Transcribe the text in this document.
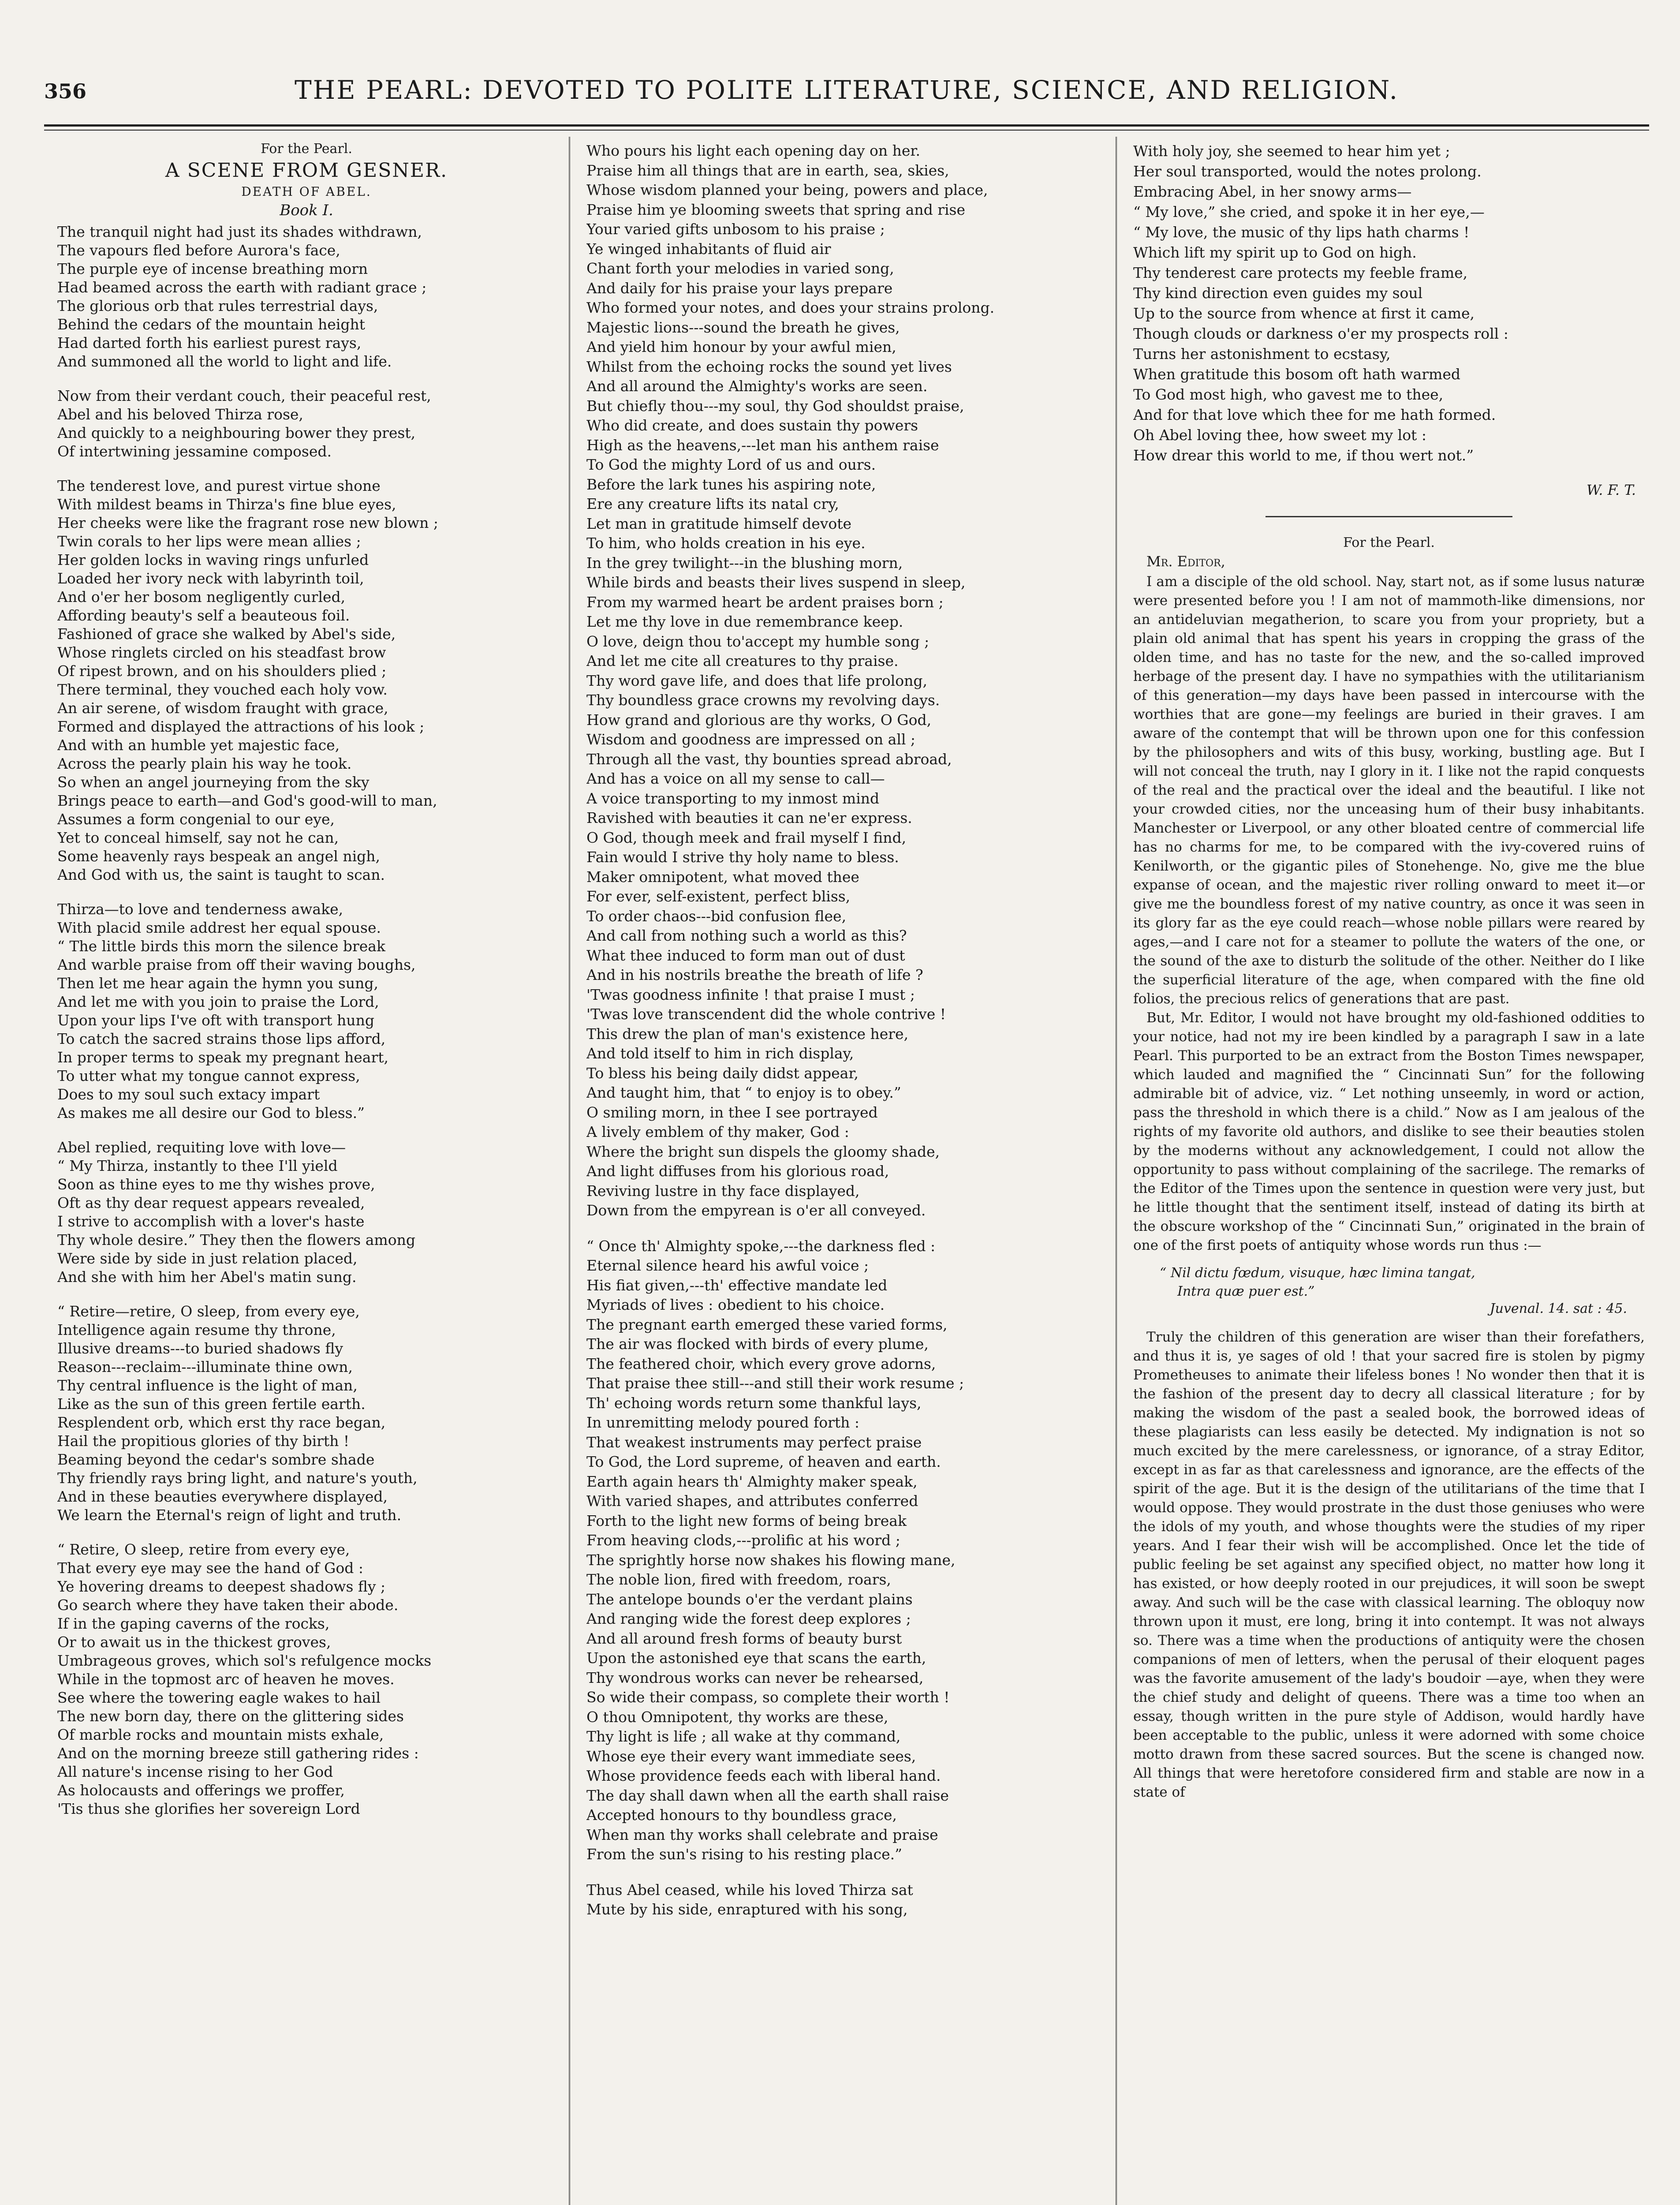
356	THE PEARL: DEVOTED TO POLITE LITERATURE, SCIENCE, AND RELIGION.
For the Pearl.
A SCENE FROM GESNER.
DEATH OF ABEL.
Book I.
The tranquil night had just its shades withdrawn,
The vapours fled before Aurora's face,
The purple eye of incense breathing morn
Had beamed across the earth with radiant grace ;
The glorious orb that rules terrestrial days,
Behind the cedars of the mountain height
Had darted forth his earliest purest rays,
And summoned all the world to light and life.
Now from their verdant couch, their peaceful rest,
Abel and his beloved Thirza rose,
And quickly to a neighbouring bower they prest,
Of intertwining jessamine composed.
The tenderest love, and purest virtue shone
With mildest beams in Thirza's fine blue eyes,
Her cheeks were like the fragrant rose new blown ;
Twin corals to her lips were mean allies ;
Her golden locks in waving rings unfurled
Loaded her ivory neck with labyrinth toil,
And o'er her bosom negligently curled,
Affording beauty's self a beauteous foil.
Fashioned of grace she walked by Abel's side,
Whose ringlets circled on his steadfast brow
Of ripest brown, and on his shoulders plied ;
There terminal, they vouched each holy vow.
An air serene, of wisdom fraught with grace,
Formed and displayed the attractions of his look ;
And with an humble yet majestic face,
Across the pearly plain his way he took.
So when an angel journeying from the sky
Brings peace to earth—and God's good-will to man,
Assumes a form congenial to our eye,
Yet to conceal himself, say not he can,
Some heavenly rays bespeak an angel nigh,
And God with us, the saint is taught to scan.
Thirza—to love and tenderness awake,
With placid smile addrest her equal spouse.
“ The little birds this morn the silence break
And warble praise from off their waving boughs,
Then let me hear again the hymn you sung,
And let me with you join to praise the Lord,
Upon your lips I've oft with transport hung
To catch the sacred strains those lips afford,
In proper terms to speak my pregnant heart,
To utter what my tongue cannot express,
Does to my soul such extacy impart
As makes me all desire our God to bless.”
Abel replied, requiting love with love—
“ My Thirza, instantly to thee I'll yield
Soon as thine eyes to me thy wishes prove,
Oft as thy dear request appears revealed,
I strive to accomplish with a lover's haste
Thy whole desire.” They then the flowers among
Were side by side in just relation placed,
And she with him her Abel's matin sung.
“ Retire—retire, O sleep, from every eye,
Intelligence again resume thy throne,
Illusive dreams---to buried shadows fly
Reason---reclaim---illuminate thine own,
Thy central influence is the light of man,
Like as the sun of this green fertile earth.
Resplendent orb, which erst thy race began,
Hail the propitious glories of thy birth !
Beaming beyond the cedar's sombre shade
Thy friendly rays bring light, and nature's youth,
And in these beauties everywhere displayed,
We learn the Eternal's reign of light and truth.
“ Retire, O sleep, retire from every eye,
That every eye may see the hand of God :
Ye hovering dreams to deepest shadows fly ;
Go search where they have taken their abode.
If in the gaping caverns of the rocks,
Or to await us in the thickest groves,
Umbrageous groves, which sol's refulgence mocks
While in the topmost arc of heaven he moves.
See where the towering eagle wakes to hail
The new born day, there on the glittering sides
Of marble rocks and mountain mists exhale,
And on the morning breeze still gathering rides :
All nature's incense rising to her God
As holocausts and offerings we proffer,
'Tis thus she glorifies her sovereign Lord
Who pours his light each opening day on her.
Praise him all things that are in earth, sea, skies,
Whose wisdom planned your being, powers and place,
Praise him ye blooming sweets that spring and rise
Your varied gifts unbosom to his praise ;
Ye winged inhabitants of fluid air
Chant forth your melodies in varied song,
And daily for his praise your lays prepare
Who formed your notes, and does your strains prolong.
Majestic lions---sound the breath he gives,
And yield him honour by your awful mien,
Whilst from the echoing rocks the sound yet lives
And all around the Almighty's works are seen.
But chiefly thou---my soul, thy God shouldst praise,
Who did create, and does sustain thy powers
High as the heavens,---let man his anthem raise
To God the mighty Lord of us and ours.
Before the lark tunes his aspiring note,
Ere any creature lifts its natal cry,
Let man in gratitude himself devote
To him, who holds creation in his eye.
In the grey twilight---in the blushing morn,
While birds and beasts their lives suspend in sleep,
From my warmed heart be ardent praises born ;
Let me thy love in due remembrance keep.
O love, deign thou to'accept my humble song ;
And let me cite all creatures to thy praise.
Thy word gave life, and does that life prolong,
Thy boundless grace crowns my revolving days.
How grand and glorious are thy works, O God,
Wisdom and goodness are impressed on all ;
Through all the vast, thy bounties spread abroad,
And has a voice on all my sense to call—
A voice transporting to my inmost mind
Ravished with beauties it can ne'er express.
O God, though meek and frail myself I find,
Fain would I strive thy holy name to bless.
Maker omnipotent, what moved thee
For ever, self-existent, perfect bliss,
To order chaos---bid confusion flee,
And call from nothing such a world as this?
What thee induced to form man out of dust
And in his nostrils breathe the breath of life ?
'Twas goodness infinite ! that praise I must ;
'Twas love transcendent did the whole contrive !
This drew the plan of man's existence here,
And told itself to him in rich display,
To bless his being daily didst appear,
And taught him, that “ to enjoy is to obey.”
O smiling morn, in thee I see portrayed
A lively emblem of thy maker, God :
Where the bright sun dispels the gloomy shade,
And light diffuses from his glorious road,
Reviving lustre in thy face displayed,
Down from the empyrean is o'er all conveyed.
“ Once th' Almighty spoke,---the darkness fled :
Eternal silence heard his awful voice ;
His fiat given,---th' effective mandate led
Myriads of lives : obedient to his choice.
The pregnant earth emerged these varied forms,
The air was flocked with birds of every plume,
The feathered choir, which every grove adorns,
That praise thee still---and still their work resume ;
Th' echoing words return some thankful lays,
In unremitting melody poured forth :
That weakest instruments may perfect praise
To God, the Lord supreme, of heaven and earth.
Earth again hears th' Almighty maker speak,
With varied shapes, and attributes conferred
Forth to the light new forms of being break
From heaving clods,---prolific at his word ;
The sprightly horse now shakes his flowing mane,
The noble lion, fired with freedom, roars,
The antelope bounds o'er the verdant plains
And ranging wide the forest deep explores ;
And all around fresh forms of beauty burst
Upon the astonished eye that scans the earth,
Thy wondrous works can never be rehearsed,
So wide their compass, so complete their worth !
O thou Omnipotent, thy works are these,
Thy light is life ; all wake at thy command,
Whose eye their every want immediate sees,
Whose providence feeds each with liberal hand.
The day shall dawn when all the earth shall raise
Accepted honours to thy boundless grace,
When man thy works shall celebrate and praise
From the sun's rising to his resting place.”
Thus Abel ceased, while his loved Thirza sat
Mute by his side, enraptured with his song,
With holy joy, she seemed to hear him yet ;
Her soul transported, would the notes prolong.
Embracing Abel, in her snowy arms—
“ My love,” she cried, and spoke it in her eye,—
“ My love, the music of thy lips hath charms !
Which lift my spirit up to God on high.
Thy tenderest care protects my feeble frame,
Thy kind direction even guides my soul
Up to the source from whence at first it came,
Though clouds or darkness o'er my prospects roll :
Turns her astonishment to ecstasy,
When gratitude this bosom oft hath warmed
To God most high, who gavest me to thee,
And for that love which thee for me hath formed.
Oh Abel loving thee, how sweet my lot :
How drear this world to me, if thou wert not.”
W. F. T.
For the Pearl.
Mr. Editor,

I am a disciple of the old school. Nay, start not, as if some lusus naturæ were presented before you ! I am not of mammoth-like dimensions, nor an antideluvian megatherion, to scare you from your propriety, but a plain old animal that has spent his years in cropping the grass of the olden time, and has no taste for the new, and the so-called improved herbage of the present day. I have no sympathies with the utilitarianism of this generation—my days have been passed in intercourse with the worthies that are gone—my feelings are buried in their graves. I am aware of the contempt that will be thrown upon one for this confession by the philosophers and wits of this busy, working, bustling age. But I will not conceal the truth, nay I glory in it. I like not the rapid conquests of the real and the practical over the ideal and the beautiful. I like not your crowded cities, nor the unceasing hum of their busy inhabitants. Manchester or Liverpool, or any other bloated centre of commercial life has no charms for me, to be compared with the ivy-covered ruins of Kenilworth, or the gigantic piles of Stonehenge. No, give me the blue expanse of ocean, and the majestic river rolling onward to meet it—or give me the boundless forest of my native country, as once it was seen in its glory far as the eye could reach—whose noble pillars were reared by ages,—and I care not for a steamer to pollute the waters of the one, or the sound of the axe to disturb the solitude of the other. Neither do I like the superficial literature of the age, when compared with the fine old folios, the precious relics of generations that are past.

But, Mr. Editor, I would not have brought my old-fashioned oddities to your notice, had not my ire been kindled by a paragraph I saw in a late Pearl. This purported to be an extract from the Boston Times newspaper, which lauded and magnified the “ Cincinnati Sun” for the following admirable bit of advice, viz. “ Let nothing unseemly, in word or action, pass the threshold in which there is a child.” Now as I am jealous of the rights of my favorite old authors, and dislike to see their beauties stolen by the moderns without any acknowledgement, I could not allow the opportunity to pass without complaining of the sacrilege. The remarks of the Editor of the Times upon the sentence in question were very just, but he little thought that the sentiment itself, instead of dating its birth at the obscure workshop of the “ Cincinnati Sun,” originated in the brain of one of the first poets of antiquity whose words run thus :—

“ Nil dictu fœdum, visuque, hæc limina tangat,
Intra quæ puer est.”
Juvenal. 14. sat : 45.

Truly the children of this generation are wiser than their forefathers, and thus it is, ye sages of old ! that your sacred fire is stolen by pigmy Prometheuses to animate their lifeless bones ! No wonder then that it is the fashion of the present day to decry all classical literature ; for by making the wisdom of the past a sealed book, the borrowed ideas of these plagiarists can less easily be detected. My indignation is not so much excited by the mere carelessness, or ignorance, of a stray Editor, except in as far as that carelessness and ignorance, are the effects of the spirit of the age. But it is the design of the utilitarians of the time that I would oppose. They would prostrate in the dust those geniuses who were the idols of my youth, and whose thoughts were the studies of my riper years. And I fear their wish will be accomplished. Once let the tide of public feeling be set against any specified object, no matter how long it has existed, or how deeply rooted in our prejudices, it will soon be swept away. And such will be the case with classical learning. The obloquy now thrown upon it must, ere long, bring it into contempt. It was not always so. There was a time when the productions of antiquity were the chosen companions of men of letters, when the perusal of their eloquent pages was the favorite amusement of the lady's boudoir —aye, when they were the chief study and delight of queens. There was a time too when an essay, though written in the pure style of Addison, would hardly have been acceptable to the public, unless it were adorned with some choice motto drawn from these sacred sources. But the scene is changed now. All things that were heretofore considered firm and stable are now in a state of
